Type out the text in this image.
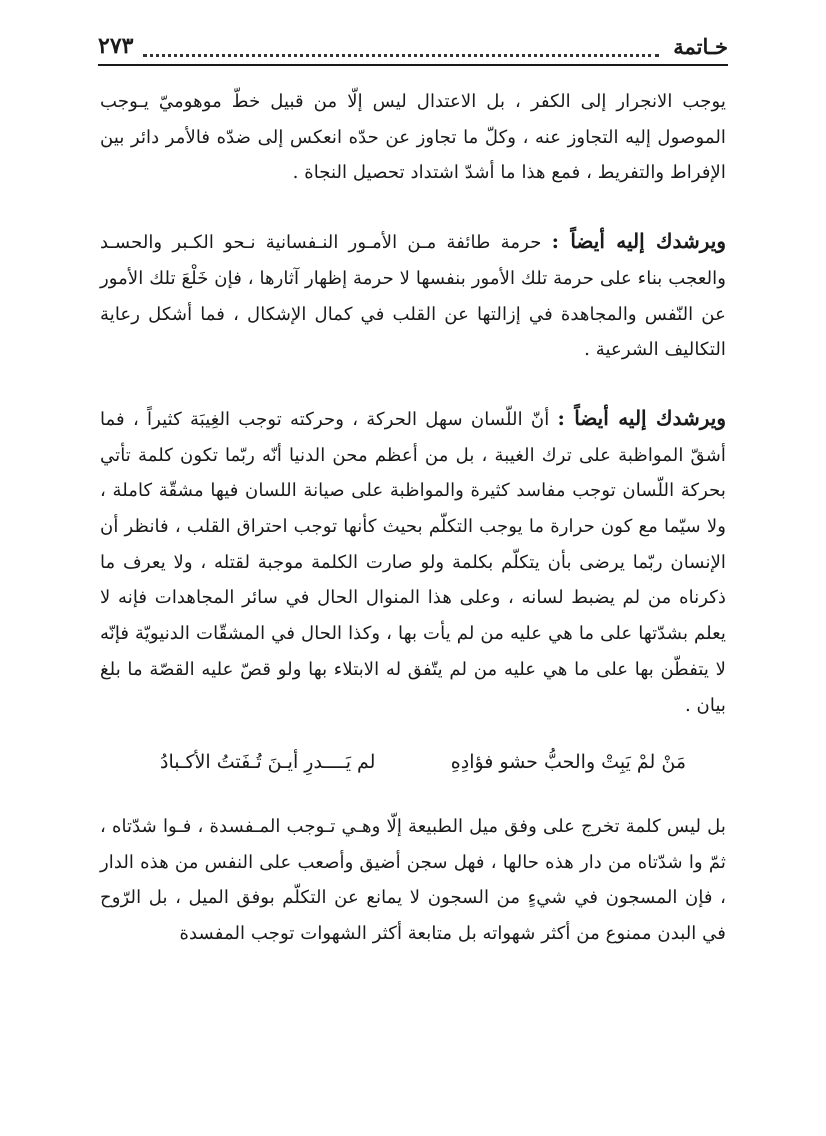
خـاتمة
٢٧٣

يوجب الانجرار إلى الكفر ، بل الاعتدال ليس إلّا من قبيل خطّ موهوميّ يـوجب الموصول إليه التجاوز عنه ، وكلّ ما تجاوز عن حدّه انعكس إلى ضدّه فالأمر دائر بين الإفراط والتفريط ، فمع هذا ما أشدّ اشتداد تحصيل النجاة .

ويرشدك إليه أيضاً : حرمة طائفة مـن الأمـور النـفسانية نـحو الكـبر والحسـد والعجب بناء على حرمة تلك الأمور بنفسها لا حرمة إظهار آثارها ، فإن خَلْعَ تلك الأمور عن النّفس والمجاهدة في إزالتها عن القلب في كمال الإشكال ، فما أشكل رعاية التكاليف الشرعية .

ويرشدك إليه أيضاً : أنّ اللّسان سهل الحركة ، وحركته توجب الغِيبَة كثيراً ، فما أشقّ المواظبة على ترك الغيبة ، بل من أعظم محن الدنيا أنّه ربّما تكون كلمة تأتي بحركة اللّسان توجب مفاسد كثيرة والمواظبة على صيانة اللسان فيها مشقّة كاملة ، ولا سيّما مع كون حرارة ما يوجب التكلّم بحيث كأنها توجب احتراق القلب ، فانظر أن الإنسان ربّما يرضى بأن يتكلّم بكلمة ولو صارت الكلمة موجبة لقتله ، ولا يعرف ما ذكرناه من لم يضبط لسانه ، وعلى هذا المنوال الحال في سائر المجاهدات فإنه لا يعلم بشدّتها على ما هي عليه من لم يأت بها ، وكذا الحال في المشقّات الدنيويّة فإنّه لا يتفطّن بها على ما هي عليه من لم يتّفق له الابتلاء بها ولو قصّ عليه القصّة ما بلغ بيان .

مَنْ لمْ يَبِتْ والحبُّ حشو فؤادِهِ
لم يَــــدرِ أيـنَ تُـفَتتُ الأكـبادُ

بل ليس كلمة تخرج على وفق ميل الطبيعة إلّا وهـي تـوجب المـفسدة ، فـوا شدّتاه ، ثمّ وا شدّتاه من دار هذه حالها ، فهل سجن أضيق وأصعب على النفس من هذه الدار ، فإن المسجون في شيءٍ من السجون لا يمانع عن التكلّم بوفق الميل ، بل الرّوح في البدن ممنوع من أكثر شهواته بل متابعة أكثر الشهوات توجب المفسدة
